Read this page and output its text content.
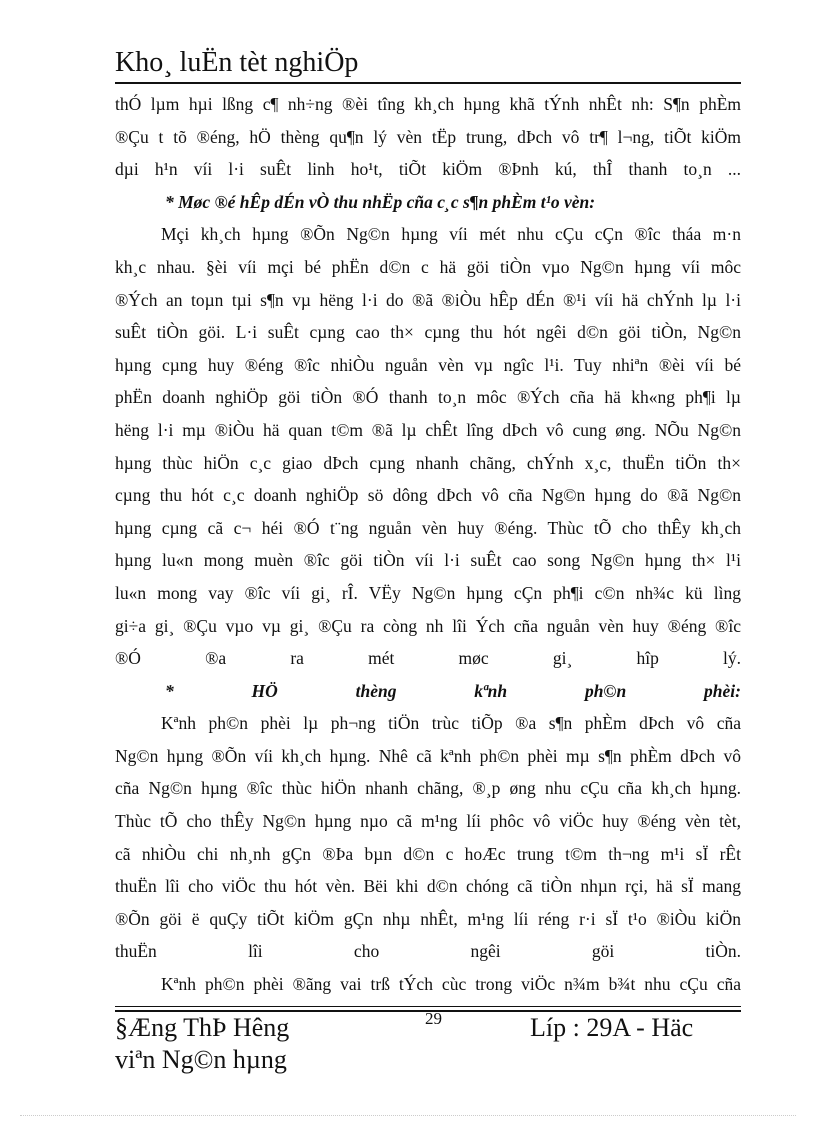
Kho¸ luËn tèt nghiÖp
thÓ lµm hµi lßng c¶ nh÷ng ®èi tîng kh¸ch hµng khã tÝnh nhÊt nh: S¶n phÈm
®Çu t tõ ®éng, hÖ thèng qu¶n lý vèn tËp trung, dÞch vô tr¶ l¬ng, tiÕt kiÖm
dµi h¹n víi l·i suÊt linh ho¹t, tiÕt kiÖm ®Þnh kú, thÎ thanh to¸n ...
* Møc ®é hÊp dÉn vÒ thu nhËp cña c¸c s¶n phÈm t¹o vèn:
Mçi kh¸ch hµng ®Õn Ng©n hµng víi mét nhu cÇu cÇn ®îc tháa m·n
kh¸c nhau. §èi víi mçi bé phËn d©n c hä göi tiÒn vµo Ng©n hµng víi môc
®Ých an toµn tµi s¶n vµ hëng l·i do ®ã ®iÒu hÊp dÉn ®¹i víi hä chÝnh lµ l·i
suÊt tiÒn göi. L·i suÊt cµng cao th× cµng thu hót ngêi d©n göi tiÒn, Ng©n
hµng cµng huy ®éng ®îc nhiÒu nguån vèn vµ ngîc l¹i. Tuy nhiªn ®èi víi bé
phËn doanh nghiÖp göi tiÒn ®Ó thanh to¸n môc ®Ých cña hä kh«ng ph¶i lµ
hëng l·i mµ ®iÒu hä quan t©m ®ã lµ chÊt lîng dÞch vô cung øng. NÕu Ng©n
hµng thùc hiÖn c¸c giao dÞch cµng nhanh chãng, chÝnh x¸c, thuËn tiÖn th×
cµng thu hót c¸c doanh nghiÖp sö dông dÞch vô cña Ng©n hµng do ®ã Ng©n
hµng cµng cã c¬ héi ®Ó t¨ng nguån vèn huy ®éng. Thùc tÕ cho thÊy kh¸ch
hµng lu«n mong muèn ®îc göi tiÒn víi l·i suÊt cao song Ng©n hµng th× l¹i
lu«n mong vay ®îc víi gi¸ rÎ. VËy Ng©n hµng cÇn ph¶i c©n nh¾c kü lìng
gi÷a gi¸ ®Çu vµo vµ gi¸ ®Çu ra còng nh lîi Ých cña nguån vèn huy ®éng ®îc
®Ó ®a ra mét møc gi¸ hîp lý.
* HÖ thèng kªnh ph©n phèi:
Kªnh ph©n phèi lµ ph¬ng tiÖn trùc tiÕp ®a s¶n phÈm dÞch vô cña
Ng©n hµng ®Õn víi kh¸ch hµng. Nhê cã kªnh ph©n phèi mµ s¶n phÈm dÞch vô
cña Ng©n hµng ®îc thùc hiÖn nhanh chãng, ®¸p øng nhu cÇu cña kh¸ch hµng.
Thùc tÕ cho thÊy Ng©n hµng nµo cã m¹ng líi phôc vô viÖc huy ®éng vèn tèt,
cã nhiÒu chi nh¸nh gÇn ®Þa bµn d©n c hoÆc trung t©m th¬ng m¹i sÏ rÊt
thuËn lîi cho viÖc thu hót vèn. Bëi khi d©n chóng cã tiÒn nhµn rçi, hä sÏ mang
®Õn göi ë quÇy tiÕt kiÖm gÇn nhµ nhÊt, m¹ng líi réng r·i sÏ t¹o ®iÒu kiÖn
thuËn lîi cho ngêi göi tiÒn.
Kªnh ph©n phèi ®ãng vai trß tÝch cùc trong viÖc n¾m b¾t nhu cÇu cña
§Æng ThÞ Hêng
viªn Ng©n hµng
29	Líp : 29A - Häc
